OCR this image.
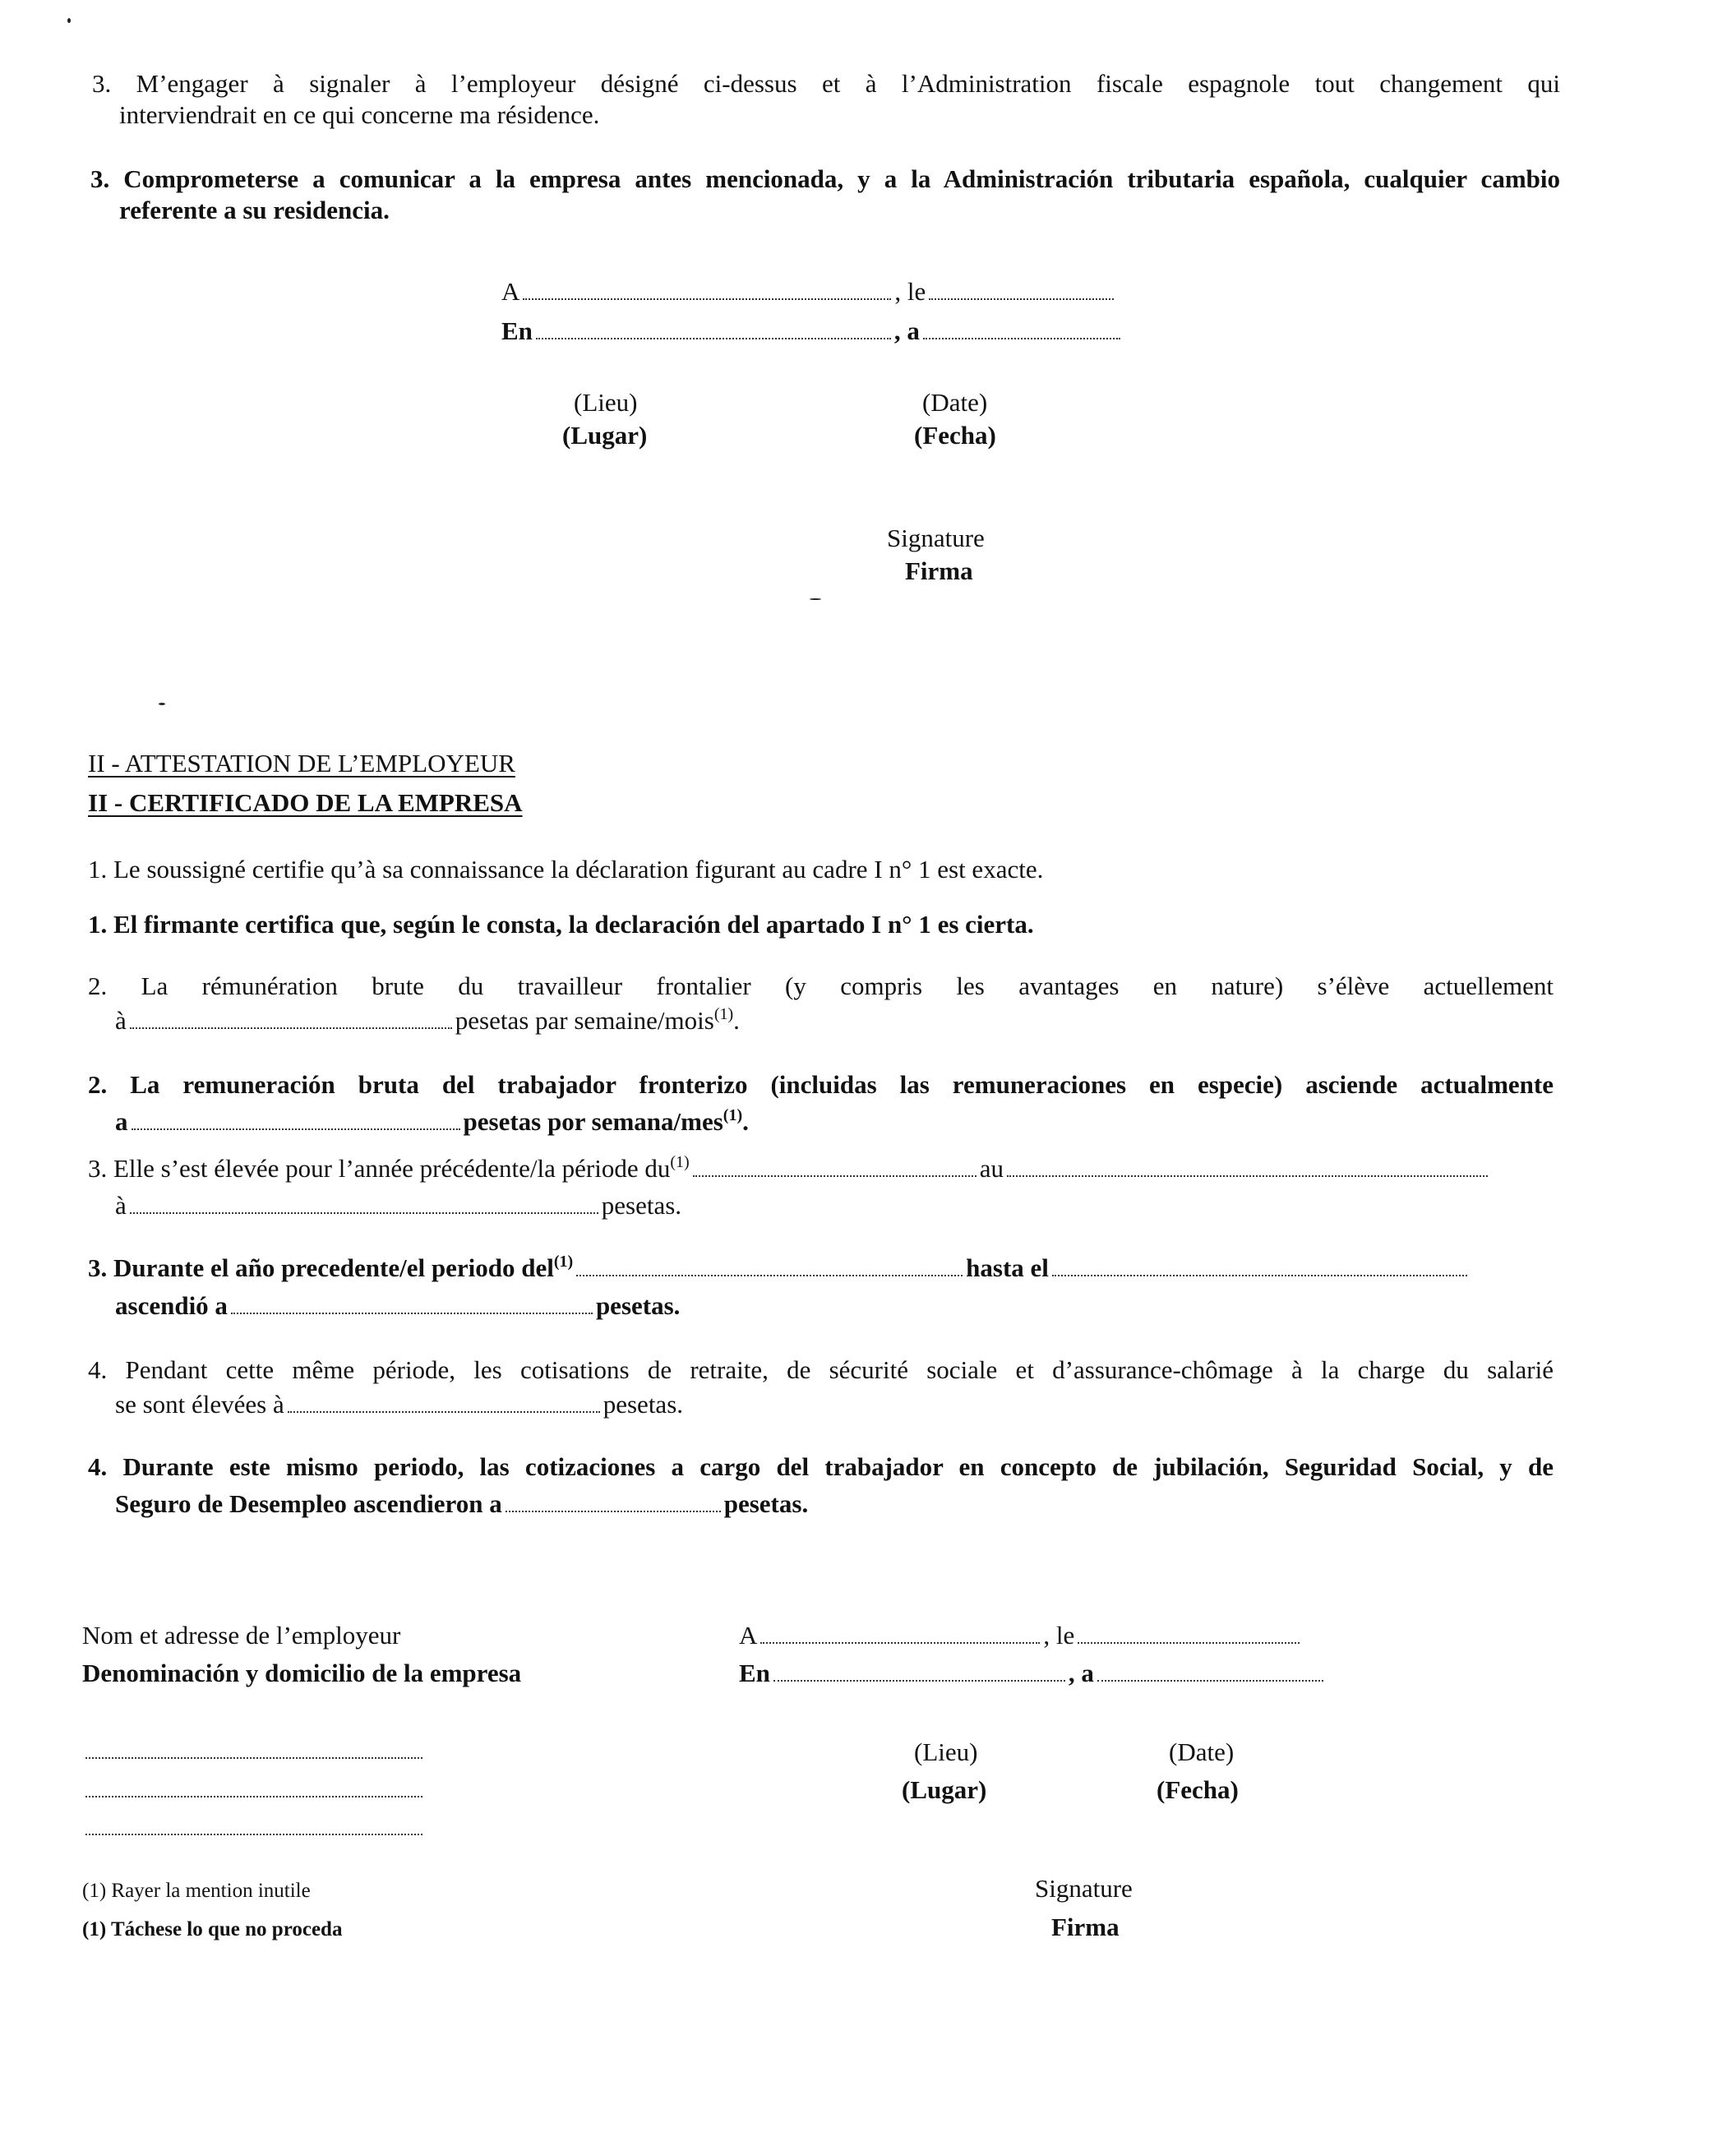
3. M’engager à signaler à l’employeur désigné ci-dessus et à l’Administration fiscale espagnole tout changement qui
interviendrait en ce qui concerne ma résidence.
3. Comprometerse a comunicar a la empresa antes mencionada, y a la Administración tributaria española, cualquier cambio
referente a su residencia.
A	, le
En	, a
(Lieu)
(Lugar)
(Date)
(Fecha)
Signature
Firma
II - ATTESTATION DE L’EMPLOYEUR
II - CERTIFICADO DE LA EMPRESA
1. Le soussigné certifie qu’à sa connaissance la déclaration figurant au cadre I n° 1 est exacte.
1. El firmante certifica que, según le consta, la declaración del apartado I n° 1 es cierta.
2. La rémunération brute du travailleur frontalier (y compris les avantages en nature) s’élève actuellement
à	pesetas par semaine/mois$^{(1)}$.
2. La remuneración bruta del trabajador fronterizo (incluidas las remuneraciones en especie) asciende actualmente
a	pesetas por semana/mes$^{(1)}$.
3. Elle s’est élevée pour l’année précédente/la période $du^{(1)}$	au
à	pesetas.
3. Durante el año precedente/el periodo del$^{(1)}$	hasta el
ascendió a	pesetas.
4. Pendant cette même période, les cotisations de retraite, de sécurité sociale et d’assurance-chômage à la charge du salarié
se sont élevées à	pesetas.
4. Durante este mismo periodo, las cotizaciones a cargo del trabajador en concepto de jubilación, Seguridad Social, y de
Seguro de Desempleo ascendieron a	pesetas.
Nom et adresse de l’employeur
Denominación y domicilio de la empresa
A	, le
En	, a
(Lieu)
(Lugar)
(Date)
(Fecha)
(1) Rayer la mention inutile
(1) Táchese lo que no proceda
Signature
Firma
